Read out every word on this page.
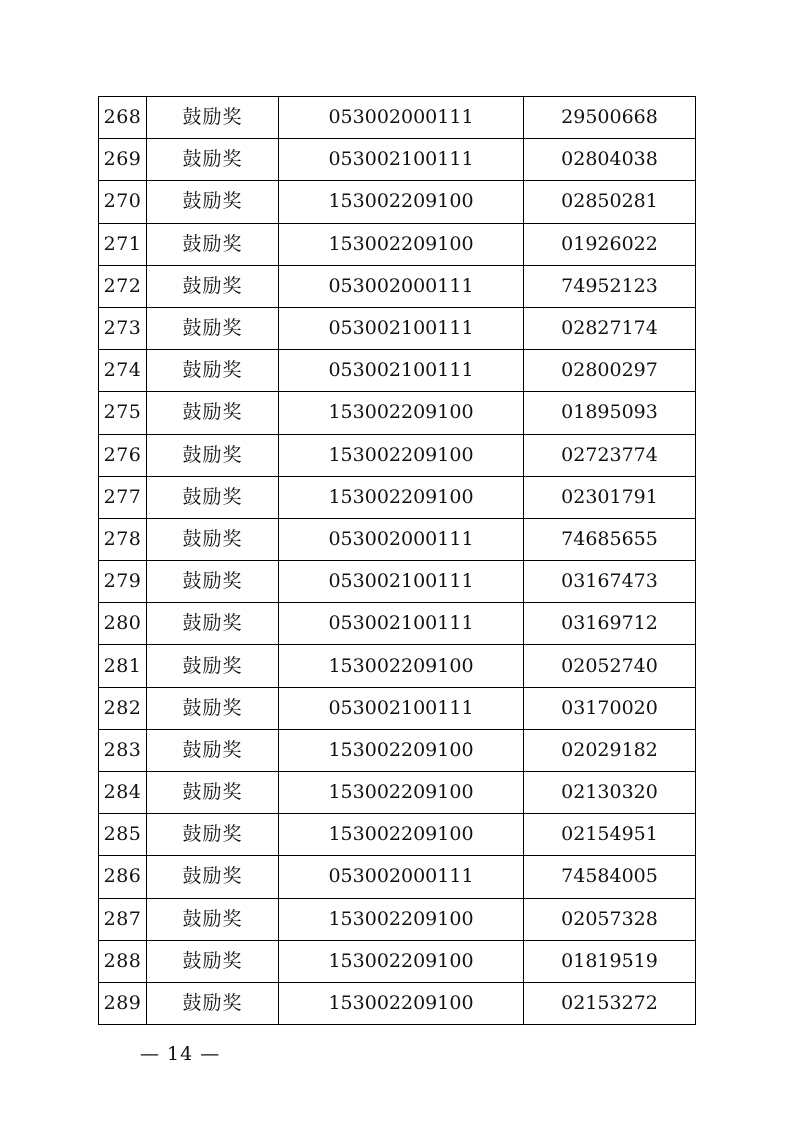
268	鼓励奖	053002000111	29500668
269	鼓励奖	053002100111	02804038
270	鼓励奖	153002209100	02850281
271	鼓励奖	153002209100	01926022
272	鼓励奖	053002000111	74952123
273	鼓励奖	053002100111	02827174
274	鼓励奖	053002100111	02800297
275	鼓励奖	153002209100	01895093
276	鼓励奖	153002209100	02723774
277	鼓励奖	153002209100	02301791
278	鼓励奖	053002000111	74685655
279	鼓励奖	053002100111	03167473
280	鼓励奖	053002100111	03169712
281	鼓励奖	153002209100	02052740
282	鼓励奖	053002100111	03170020
283	鼓励奖	153002209100	02029182
284	鼓励奖	153002209100	02130320
285	鼓励奖	153002209100	02154951
286	鼓励奖	053002000111	74584005
287	鼓励奖	153002209100	02057328
288	鼓励奖	153002209100	01819519
289	鼓励奖	153002209100	02153272
— 14 —
